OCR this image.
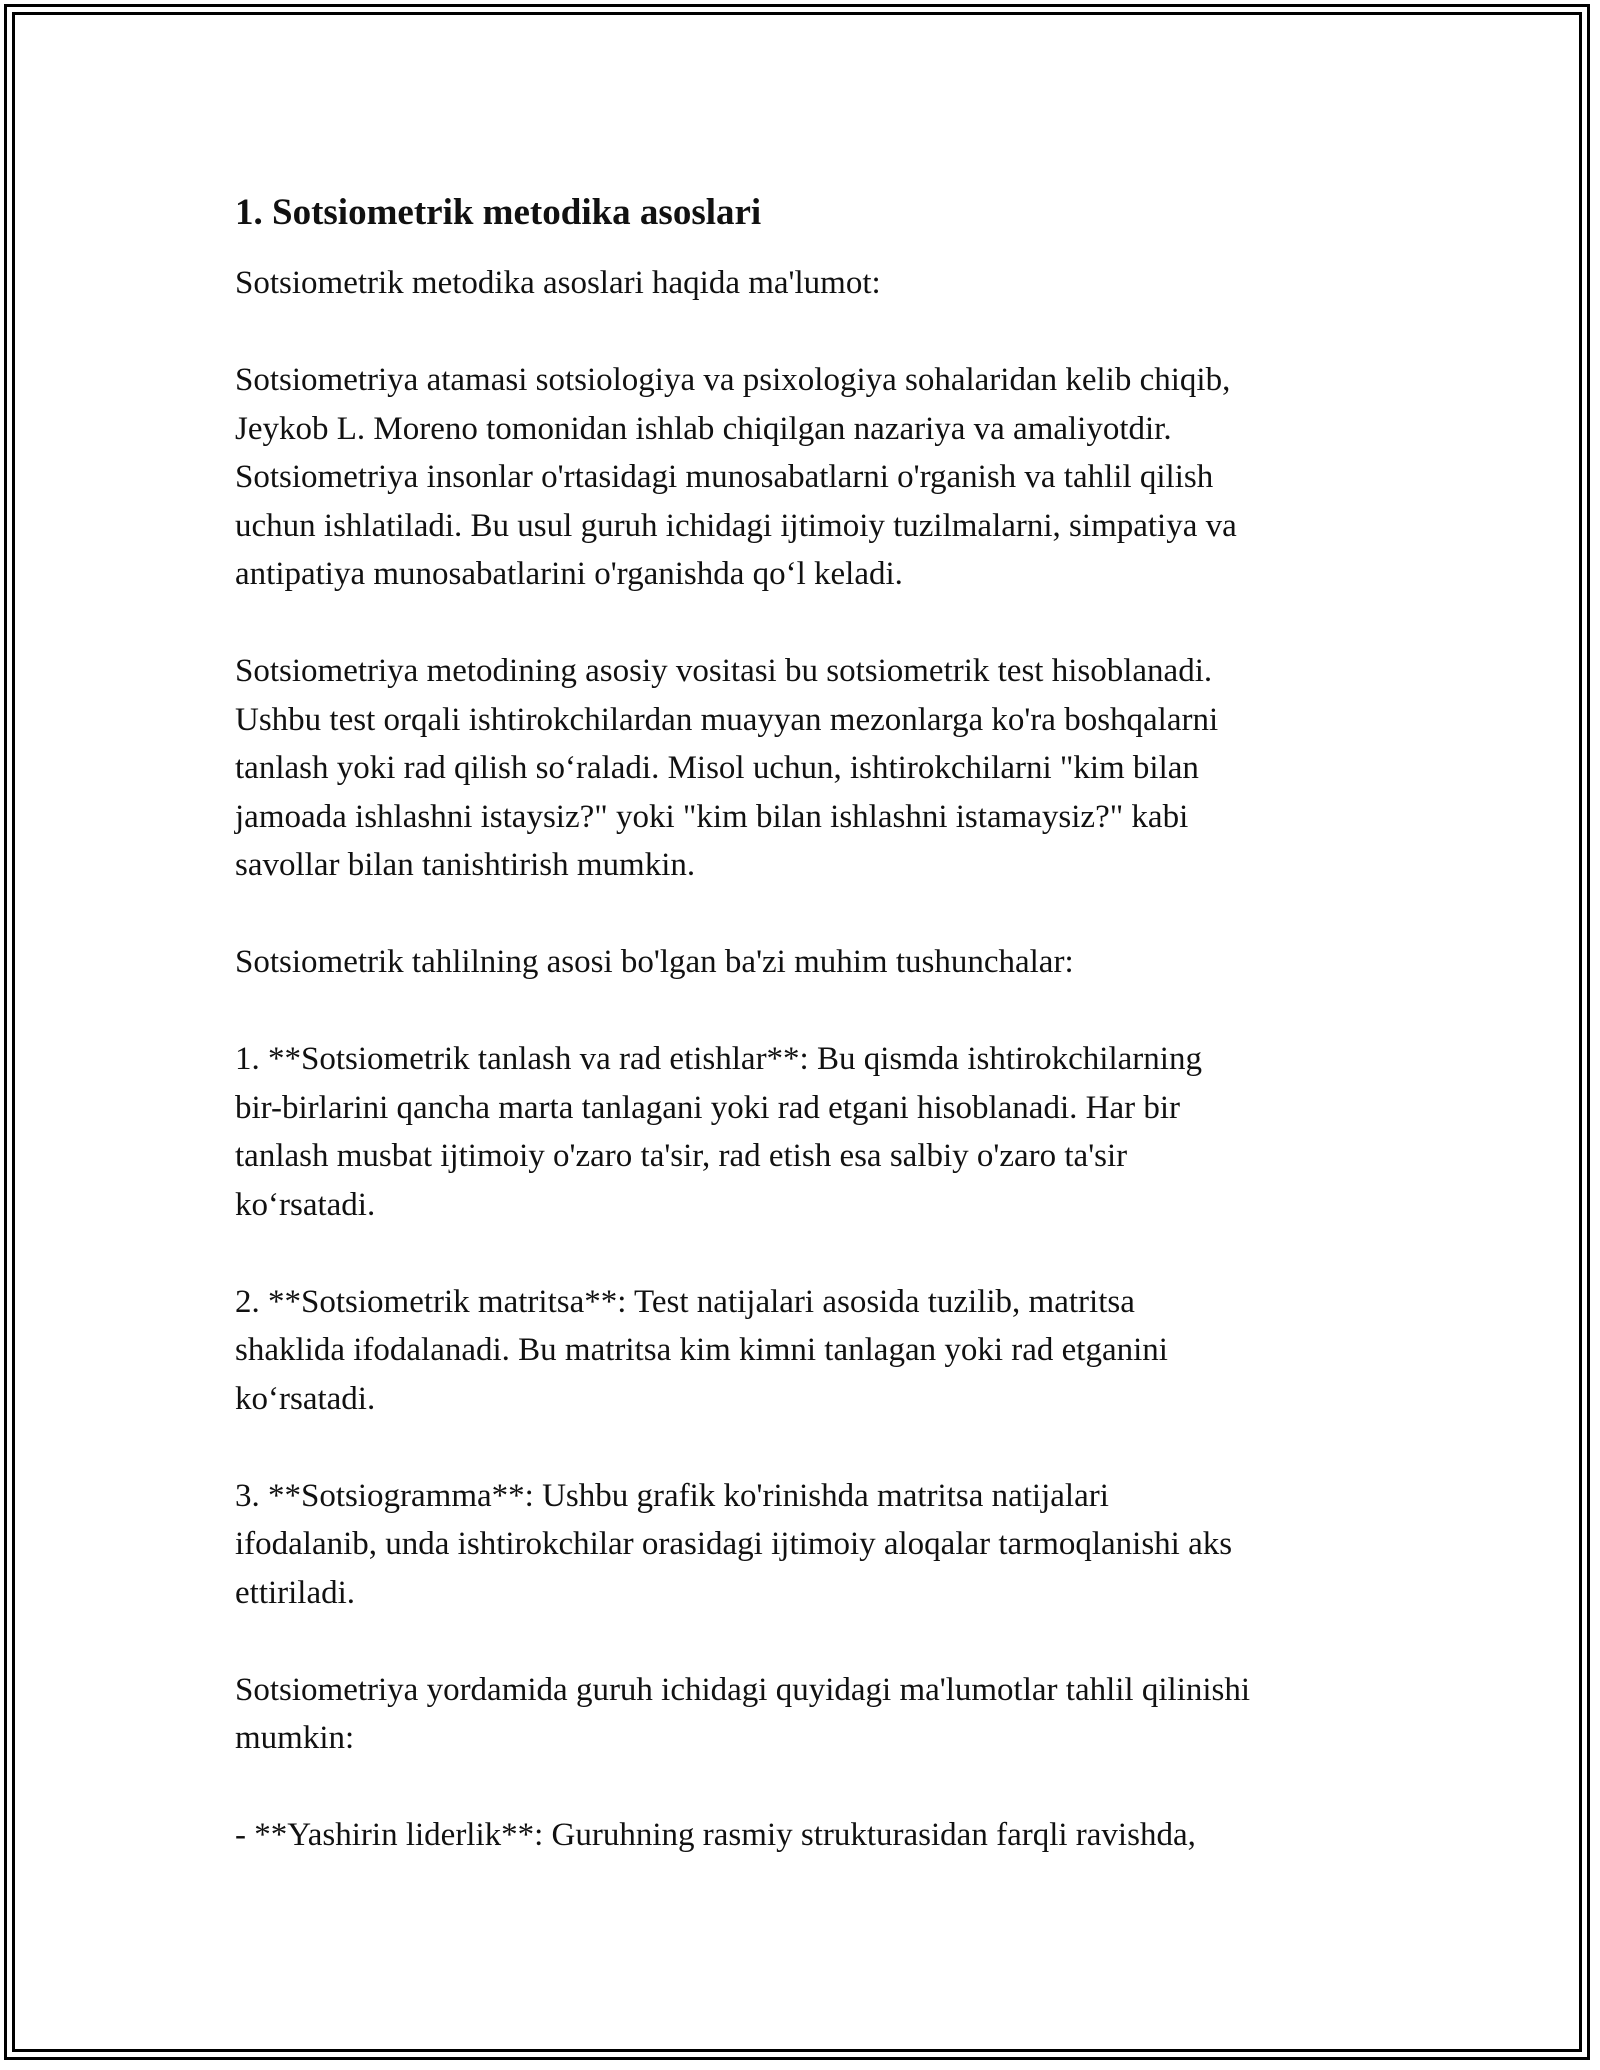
1. Sotsiometrik metodika asoslari

Sotsiometrik metodika asoslari haqida ma'lumot:

Sotsiometriya atamasi sotsiologiya va psixologiya sohalaridan kelib chiqib,
Jeykob L. Moreno tomonidan ishlab chiqilgan nazariya va amaliyotdir.
Sotsiometriya insonlar o'rtasidagi munosabatlarni o'rganish va tahlil qilish
uchun ishlatiladi. Bu usul guruh ichidagi ijtimoiy tuzilmalarni, simpatiya va
antipatiya munosabatlarini o'rganishda qo‘l keladi.

Sotsiometriya metodining asosiy vositasi bu sotsiometrik test hisoblanadi.
Ushbu test orqali ishtirokchilardan muayyan mezonlarga ko'ra boshqalarni
tanlash yoki rad qilish so‘raladi. Misol uchun, ishtirokchilarni "kim bilan
jamoada ishlashni istaysiz?" yoki "kim bilan ishlashni istamaysiz?" kabi
savollar bilan tanishtirish mumkin.

Sotsiometrik tahlilning asosi bo'lgan ba'zi muhim tushunchalar:

1. **Sotsiometrik tanlash va rad etishlar**: Bu qismda ishtirokchilarning
bir-birlarini qancha marta tanlagani yoki rad etgani hisoblanadi. Har bir
tanlash musbat ijtimoiy o'zaro ta'sir, rad etish esa salbiy o'zaro ta'sir
ko‘rsatadi.

2. **Sotsiometrik matritsa**: Test natijalari asosida tuzilib, matritsa
shaklida ifodalanadi. Bu matritsa kim kimni tanlagan yoki rad etganini
ko‘rsatadi.

3. **Sotsiogramma**: Ushbu grafik ko'rinishda matritsa natijalari
ifodalanib, unda ishtirokchilar orasidagi ijtimoiy aloqalar tarmoqlanishi aks
ettiriladi.

Sotsiometriya yordamida guruh ichidagi quyidagi ma'lumotlar tahlil qilinishi
mumkin:

- **Yashirin liderlik**: Guruhning rasmiy strukturasidan farqli ravishda,
